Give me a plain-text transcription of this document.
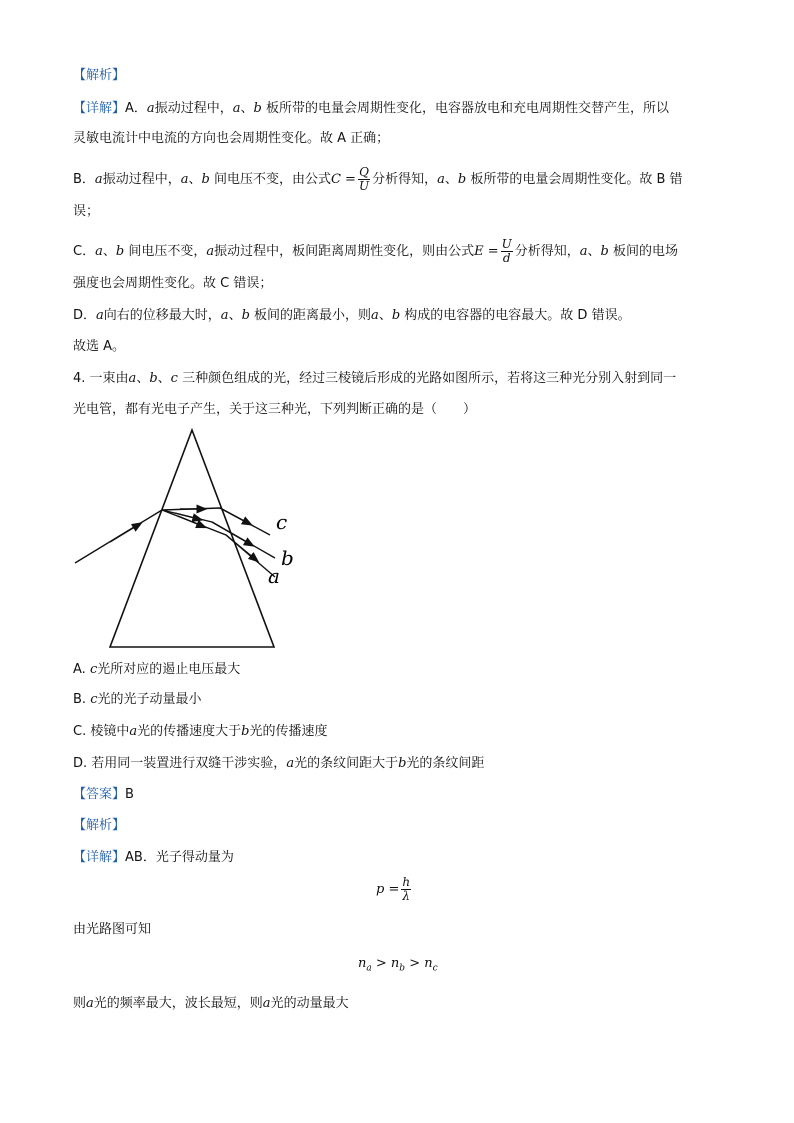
【解析】
【详解】A．a振动过程中，a、b 板所带的电量会周期性变化，电容器放电和充电周期性交替产生，所以
灵敏电流计中电流的方向也会周期性变化。故 A 正确；
B．a振动过程中，a、b 间电压不变，由公式$C = \frac{Q}{U}$ 分析得知，a、b 板所带的电量会周期性变化。故 B 错
误；
C．a、b 间电压不变，a振动过程中，板间距离周期性变化，则由公式$E = \frac{U}{d}$ 分析得知，a、b 板间的电场
强度也会周期性变化。故 C 错误；
D．a向右的位移最大时，a、b 板间的距离最小，则a、b 构成的电容器的电容最大。故 D 错误。
故选 A。
4. 一束由a、b、c 三种颜色组成的光，经过三棱镜后形成的光路如图所示，若将这三种光分别入射到同一
光电管，都有光电子产生，关于这三种光，下列判断正确的是（　　）
c
b
a
A. c光所对应的遏止电压最大
B. c光的光子动量最小
C. 棱镜中a光的传播速度大于b光的传播速度
D. 若用同一装置进行双缝干涉实验，a光的条纹间距大于b光的条纹间距
【答案】B
【解析】
【详解】AB．光子得动量为
$p = \frac{h}{\lambda}$
由光路图可知
$n_a > n_b > n_c$
则a光的频率最大，波长最短，则a光的动量最大
